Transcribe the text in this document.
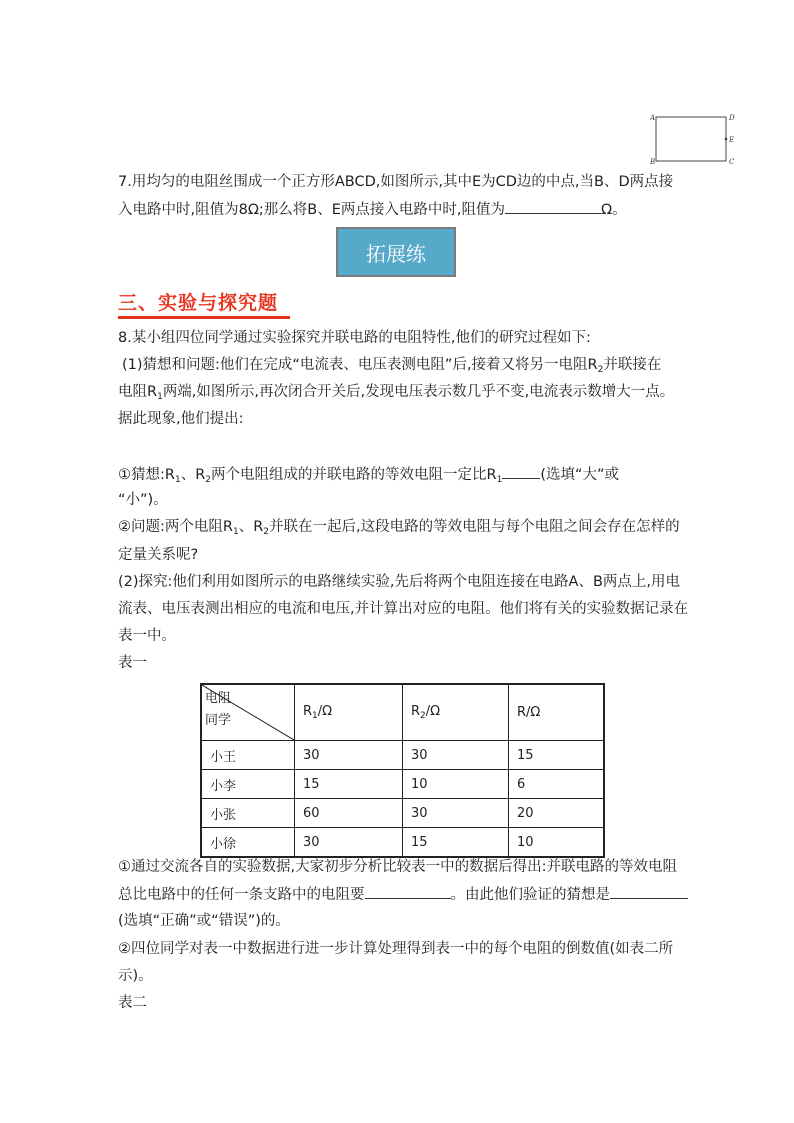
A
B	C
D
E
7.用均匀的电阻丝围成一个正方形ABCD,如图所示,其中E为CD边的中点,当B、D两点接
入电路中时,阻值为8Ω;那么将B、E两点接入电路中时,阻值为	Ω。
拓展练
三、实验与探究题
8.某小组四位同学通过实验探究并联电路的电阻特性,他们的研究过程如下:
(1)猜想和问题:他们在完成“电流表、电压表测电阻”后,接着又将另一电阻$R_2$并联接在
电阻$R_1$两端,如图所示,再次闭合开关后,发现电压表示数几乎不变,电流表示数增大一点。
据此现象,他们提出:
①猜想$:R_1$、$R_2$两个电阻组成的并联电路的等效电阻一定比$R_1$	(选填“大”或
“小”)。
②问题:两个电阻$R_1$、$R_2$并联在一起后,这段电路的等效电阻与每个电阻之间会存在怎样的
定量关系呢?
(2)探究:他们利用如图所示的电路继续实验,先后将两个电阻连接在电路A、B两点上,用电
流表、电压表测出相应的电流和电压,并计算出对应的电阻。他们将有关的实验数据记录在
表一中。
表一
电阻
同学	$R_1/\Omega$	$R_2/\Omega$	R/Ω
小王	30	30	15
小李	15	10	6
小张	60	30	20
小徐	30	15	10
①通过交流各自的实验数据,大家初步分析比较表一中的数据后得出:并联电路的等效电阻
总比电路中的任何一条支路中的电阻要	。由此他们验证的猜想是
(选填“正确”或“错误”)的。
②四位同学对表一中数据进行进一步计算处理得到表一中的每个电阻的倒数值(如表二所
示)。
表二
